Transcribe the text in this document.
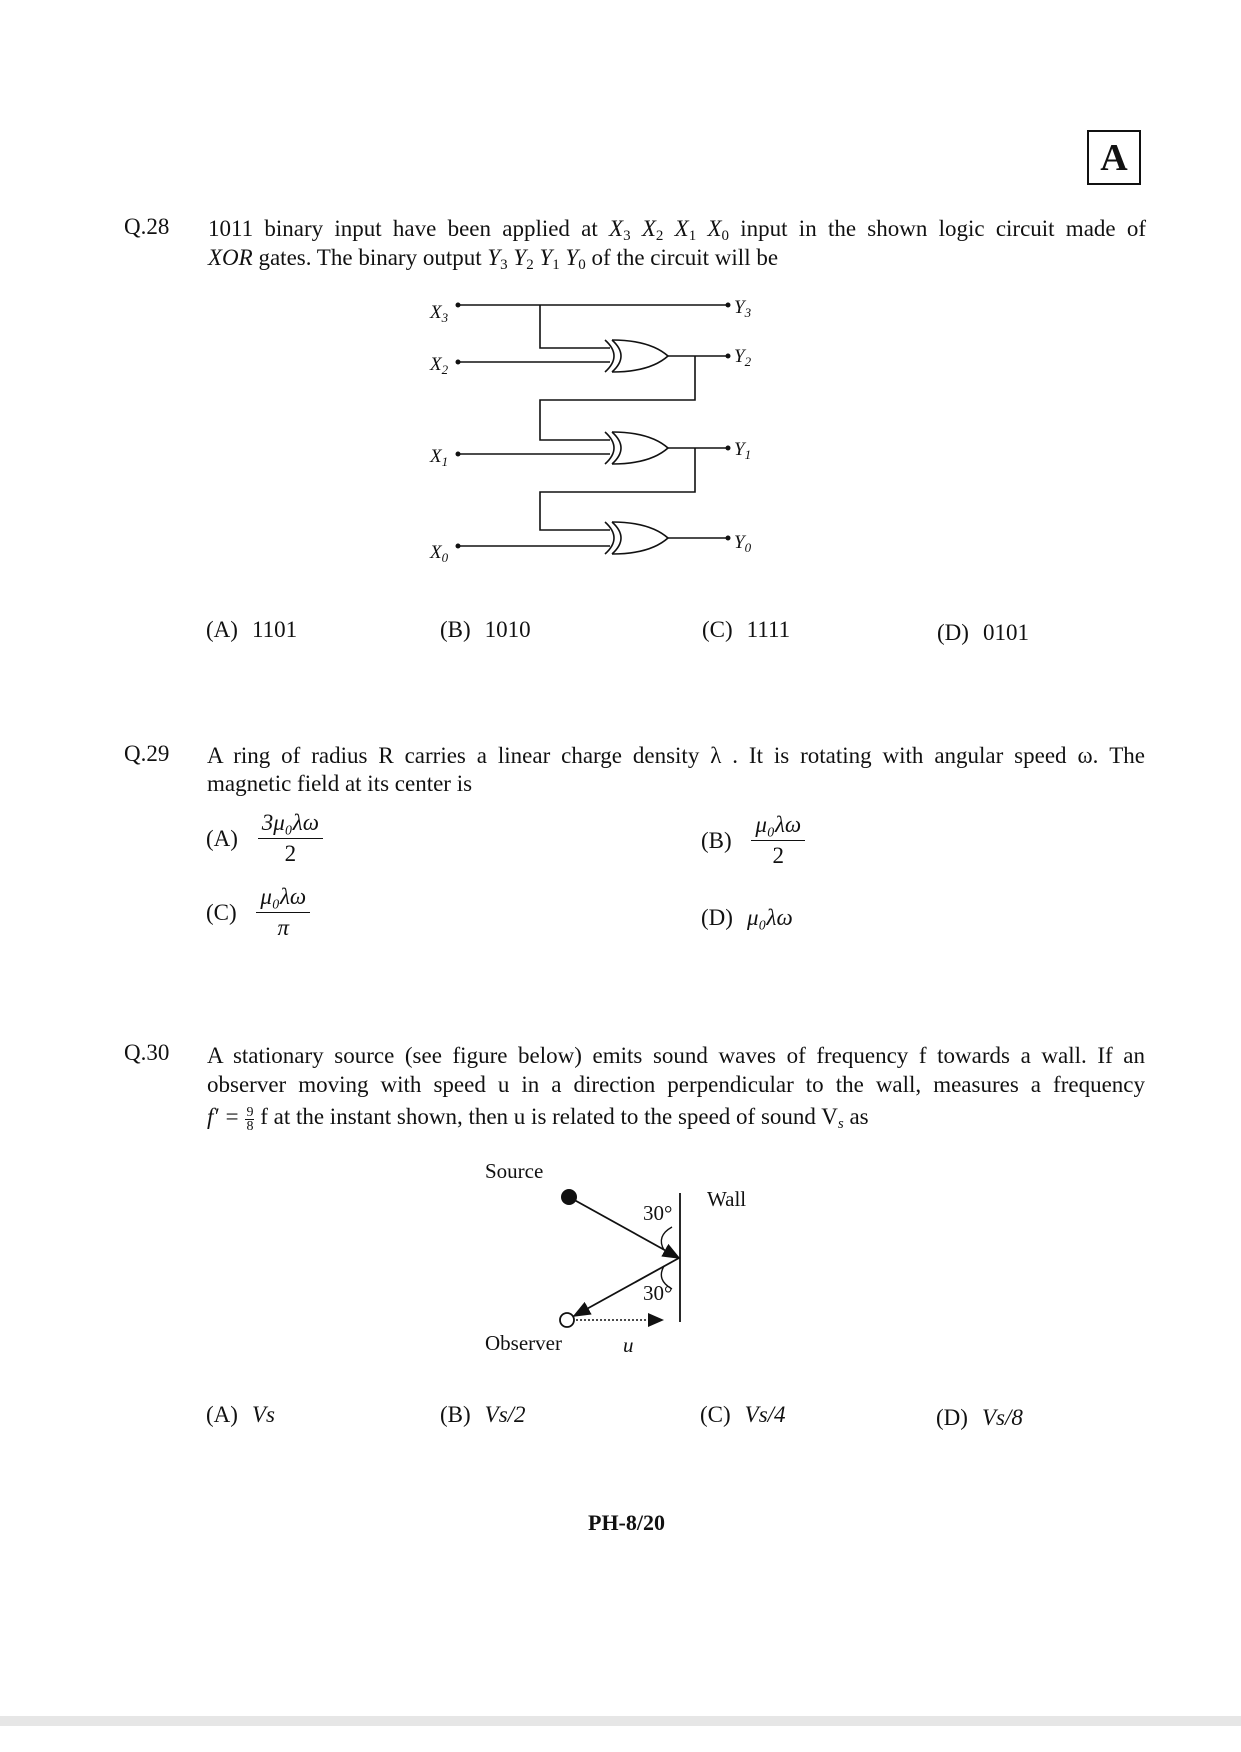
A
Q.28 1011 binary input have been applied at $X_3$ $X_2$ $X_1$ $X_0$ input in the shown logic circuit made of
XOR gates. The binary output $Y_3$ $Y_2$ $Y_1$ $Y_0$ of the circuit will be
$X_3$
$X_2$
$X_1$
$X_0$
$Y_3$
$Y_2$
$Y_1$
$Y_0$
(A) 1101	(B) 1010	(C) 1111	(D) 0101
Q.29 A ring of radius R carries a linear charge density λ . It is rotating with angular speed ω. The
magnetic field at its center is
$(A) \frac{\text{3μ₀λω}}{2}$	$(B) \frac{\text{μ₀λω}}{2}$
$(C) \frac{\text{μ₀λω}}{\pi}$	(D) μ₀λω
Q.30 A stationary source (see figure below) emits sound waves of frequency f towards a wall. If an
observer moving with speed u in a direction perpendicular to the wall, measures a frequency
$f' = \frac{9}{8}$ f at the instant shown, then u is related to the speed of sound $V_s$ as
Source
Wall
30°
30°
Observer	u
(A) Vs	(B) Vs/2	(C) Vs/4	(D) Vs/8
PH-8/20
